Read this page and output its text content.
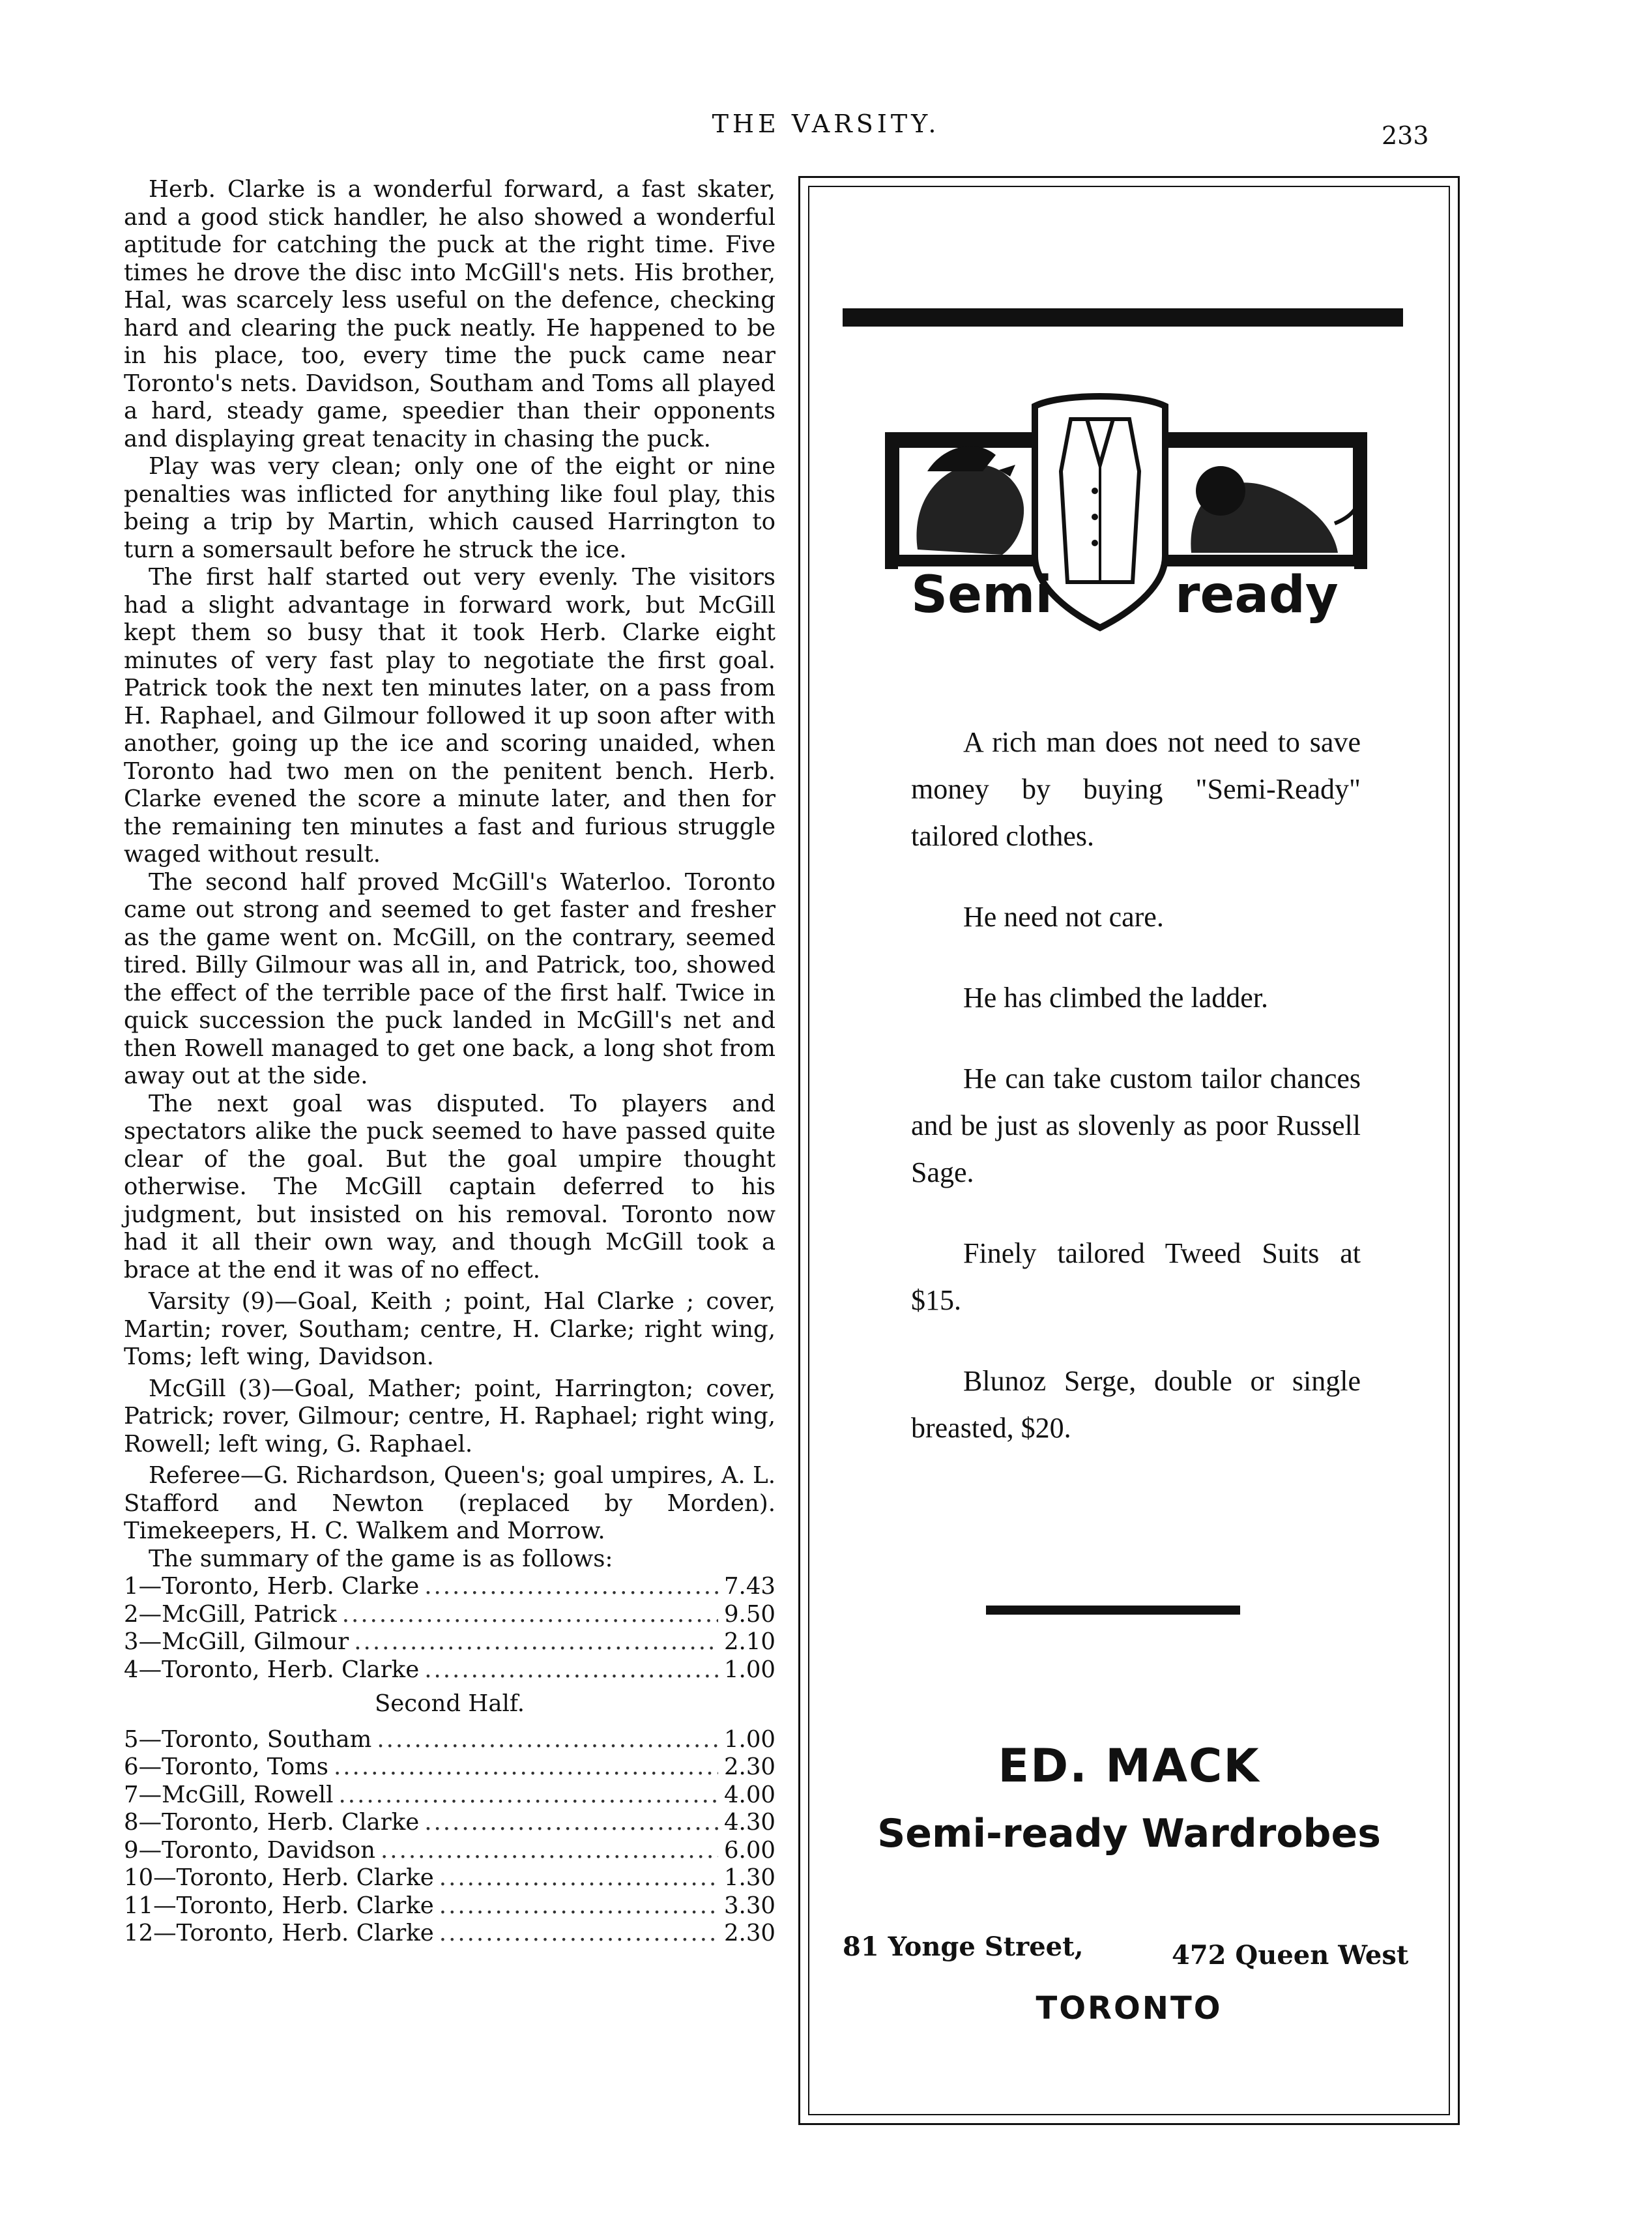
THE VARSITY.	233

Herb. Clarke is a wonderful forward, a fast skater, and a good stick handler, he also showed a wonderful aptitude for catching the puck at the right time. Five times he drove the disc into McGill's nets. His brother, Hal, was scarcely less useful on the defence, checking hard and clearing the puck neatly. He happened to be in his place, too, every time the puck came near Toronto's nets. Davidson, Southam and Toms all played a hard, steady game, speedier than their opponents and displaying great tenacity in chasing the puck.

Play was very clean; only one of the eight or nine penalties was inflicted for anything like foul play, this being a trip by Martin, which caused Harrington to turn a somersault before he struck the ice.

The first half started out very evenly. The visitors had a slight advantage in forward work, but McGill kept them so busy that it took Herb. Clarke eight minutes of very fast play to negotiate the first goal. Patrick took the next ten minutes later, on a pass from H. Raphael, and Gilmour followed it up soon after with another, going up the ice and scoring unaided, when Toronto had two men on the penitent bench. Herb. Clarke evened the score a minute later, and then for the remaining ten minutes a fast and furious struggle waged without result.

The second half proved McGill's Waterloo. Toronto came out strong and seemed to get faster and fresher as the game went on. McGill, on the contrary, seemed tired. Billy Gilmour was all in, and Patrick, too, showed the effect of the terrible pace of the first half. Twice in quick succession the puck landed in McGill's net and then Rowell managed to get one back, a long shot from away out at the side.

The next goal was disputed. To players and spectators alike the puck seemed to have passed quite clear of the goal. But the goal umpire thought otherwise. The McGill captain deferred to his judgment, but insisted on his removal. Toronto now had it all their own way, and though McGill took a brace at the end it was of no effect.

Varsity (9)—Goal, Keith ; point, Hal Clarke ; cover, Martin; rover, Southam; centre, H. Clarke; right wing, Toms; left wing, Davidson.

McGill (3)—Goal, Mather; point, Harrington; cover, Patrick; rover, Gilmour; centre, H. Raphael; right wing, Rowell; left wing, G. Raphael.

Referee—G. Richardson, Queen's; goal umpires, A. L. Stafford and Newton (replaced by Morden). Timekeepers, H. C. Walkem and Morrow.

The summary of the game is as follows:

1—Toronto, Herb. Clarke .....	7.43
2—McGill, Patrick .....	9.50
3—McGill, Gilmour .....	2.10
4—Toronto, Herb. Clarke .....	1.00
Second Half.
5—Toronto, Southam .....	1.00
6—Toronto, Toms .....	2.30
7—McGill, Rowell .....	4.00
8—Toronto, Herb. Clarke .....	4.30
9—Toronto, Davidson .....	6.00
10—Toronto, Herb. Clarke .....	1.30
11—Toronto, Herb. Clarke .....	3.30
12—Toronto, Herb. Clarke .....	2.30
Semi ready

A rich man does not need to save money by buying "Semi-Ready" tailored clothes.

He need not care.

He has climbed the ladder.

He can take custom tailor chances and be just as slovenly as poor Russell Sage.

Finely tailored Tweed Suits at $15.

Blunoz Serge, double or single breasted, $20.

ED. MACK
Semi-ready Wardrobes
81 Yonge Street,	472 Queen West
TORONTO
